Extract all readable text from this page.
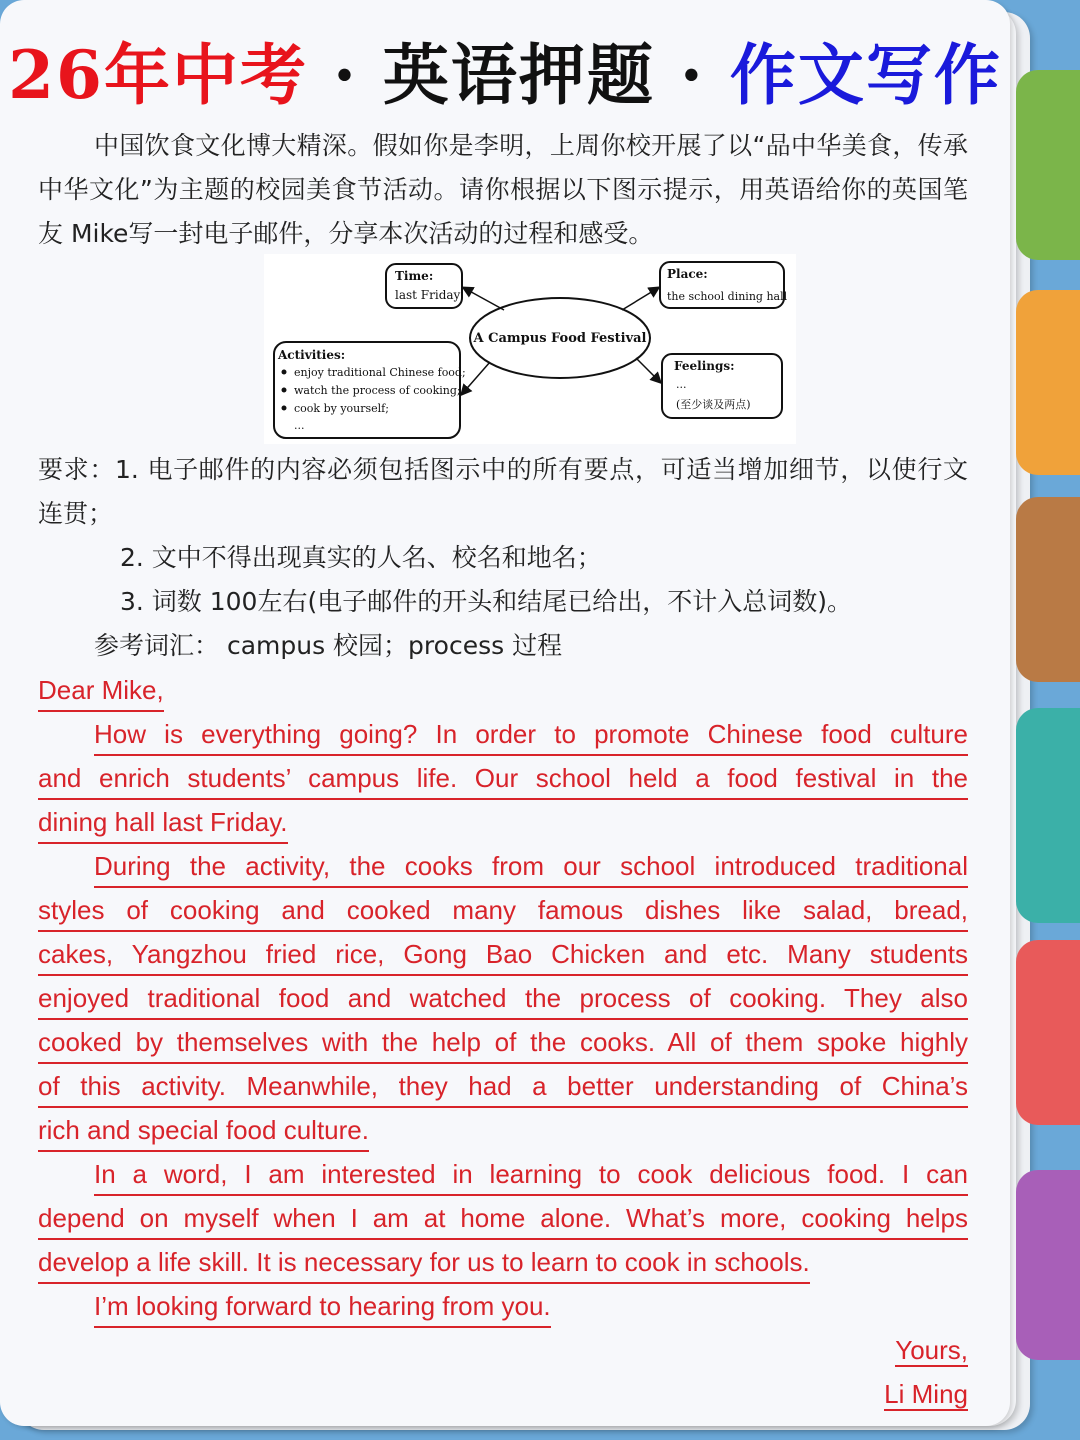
26年中考 · 英语押题 · 作文写作

中国饮食文化博大精深。假如你是李明，上周你校开展了以“品中华美食，传承中华文化”为主题的校园美食节活动。请你根据以下图示提示，用英语给你的英国笔友 Mike写一封电子邮件，分享本次活动的过程和感受。

Time:
last Friday
Place:
the school dining hall
A Campus Food Festival
Activities:
enjoy traditional Chinese food;
watch the process of cooking;
cook by yourself;
...
Feelings:
...
(至少谈及两点)

要求：1. 电子邮件的内容必须包括图示中的所有要点，可适当增加细节，以使行文连贯；

2. 文中不得出现真实的人名、校名和地名；

3. 词数 100左右(电子邮件的开头和结尾已给出，不计入总词数)。

参考词汇： campus 校园；process 过程

Dear Mike,
How is everything going? In order to promote Chinese food culture
and enrich students’ campus life. Our school held a food festival in the
dining hall last Friday.
During the activity, the cooks from our school introduced traditional
styles of cooking and cooked many famous dishes like salad, bread,
cakes, Yangzhou fried rice, Gong Bao Chicken and etc. Many students
enjoyed traditional food and watched the process of cooking. They also
cooked by themselves with the help of the cooks. All of them spoke highly
of this activity. Meanwhile, they had a better understanding of China’s
rich and special food culture.
In a word, I am interested in learning to cook delicious food. I can
depend on myself when I am at home alone. What’s more, cooking helps
develop a life skill. It is necessary for us to learn to cook in schools.
I’m looking forward to hearing from you.
Yours,
Li Ming
